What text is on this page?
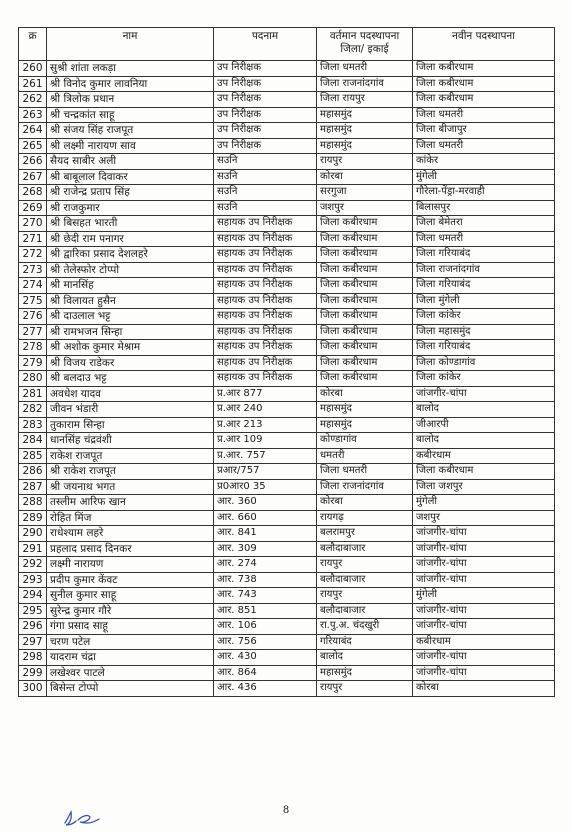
क्र	नाम	पदनाम	वर्तमान पदस्थापना जिला/ इकाई	नवीन पदस्थापना
260	सुश्री शांता लकड़ा	उप निरीक्षक	जिला धमतरी	जिला कबीरधाम
261	श्री विनोद कुमार लावनिया	उप निरीक्षक	जिला राजनांदगांव	जिला कबीरधाम
262	श्री त्रिलोक प्रधान	उप निरीक्षक	जिला रायपुर	जिला कबीरधाम
263	श्री चन्द्रकांत साहू	उप निरीक्षक	महासमुंद	जिला धमतरी
264	श्री संजय सिंह राजपूत	उप निरीक्षक	महासमुंद	जिला बीजापुर
265	श्री लक्ष्मी नारायण साव	उप निरीक्षक	महासमुंद	जिला धमतरी
266	सैयद साबीर अली	सउनि	रायपुर	कांकेर
267	श्री बाबूलाल दिवाकर	सउनि	कोरबा	मुंगेली
268	श्री राजेन्द्र प्रताप सिंह	सउनि	सरगुजा	गौरेला-पेंड्रा-मरवाही
269	श्री राजकुमार	सउनि	जशपुर	बिलासपुर
270	श्री बिसहत भारती	सहायक उप निरीक्षक	जिला कबीरधाम	जिला बेमेतरा
271	श्री छेदी राम पनागर	सहायक उप निरीक्षक	जिला कबीरधाम	जिला धमतरी
272	श्री द्वारिका प्रसाद देशलहरे	सहायक उप निरीक्षक	जिला कबीरधाम	जिला गरियाबंद
273	श्री तेलेस्फोर टोप्पो	सहायक उप निरीक्षक	जिला कबीरधाम	जिला राजनांदगांव
274	श्री मानसिंह	सहायक उप निरीक्षक	जिला कबीरधाम	जिला गरियाबंद
275	श्री विलायत हुसैन	सहायक उप निरीक्षक	जिला कबीरधाम	जिला मुंगेली
276	श्री दाउलाल भट्ट	सहायक उप निरीक्षक	जिला कबीरधाम	जिला कांकेर
277	श्री रामभजन सिन्हा	सहायक उप निरीक्षक	जिला कबीरधाम	जिला महासमुंद
278	श्री अशोक कुमार मेश्राम	सहायक उप निरीक्षक	जिला कबीरधाम	जिला गरियाबंद
279	श्री विजय राडेकर	सहायक उप निरीक्षक	जिला कबीरधाम	जिला कोण्डागांव
280	श्री बलदाउ भट्ट	सहायक उप निरीक्षक	जिला कबीरधाम	जिला कांकेर
281	अवधेश यादव	प्र.आर 877	कोरबा	जांजगीर-चांपा
282	जीवन भंडारी	प्र.आर 240	महासमुंद	बालोद
283	तुकाराम सिन्हा	प्र.आर 213	महासमुंद	जीआरपी
284	धानसिंह चंद्रवंशी	प्र.आर 109	कोण्डागांव	बालोद
285	राकेश राजपूत	प्र.आर. 757	धमतरी	कबीरधाम
286	श्री राकेश राजपूत	प्रआर/757	जिला धमतरी	जिला कबीरधाम
287	श्री जयनाथ भगत	प्र0आर0 35	जिला राजनांदगांव	जिला जशपुर
288	तस्लीम आरिफ खान	आर. 360	कोरबा	मुंगेली
289	रोहित मिंज	आर. 660	रायगढ़	जशपुर
290	राधेश्याम लहरे	आर. 841	बलरामपुर	जांजगीर-चांपा
291	प्रहलाद प्रसाद दिनकर	आर. 309	बलौदाबाजार	जांजगीर-चांपा
292	लक्ष्मी नारायण	आर. 274	रायपुर	जांजगीर-चांपा
293	प्रदीप कुमार केंवट	आर. 738	बलौदाबाजार	जांजगीर-चांपा
294	सुनील कुमार साहू	आर. 743	रायपुर	मुंगेली
295	सुरेन्द्र कुमार गौरे	आर. 851	बलौदाबाजार	जांजगीर-चांपा
296	गंगा प्रसाद साहू	आर. 106	रा.पु.अ. चंदखुरी	जांजगीर-चांपा
297	चरण पटेल	आर. 756	गरियाबंद	कबीरधाम
298	यादराम चंद्रा	आर. 430	बालोद	जांजगीर-चांपा
299	लखेश्वर पाटले	आर. 864	महासमुंद	जांजगीर-चांपा
300	बिसेन्त टोप्पो	आर. 436	रायपुर	कोरबा
8
